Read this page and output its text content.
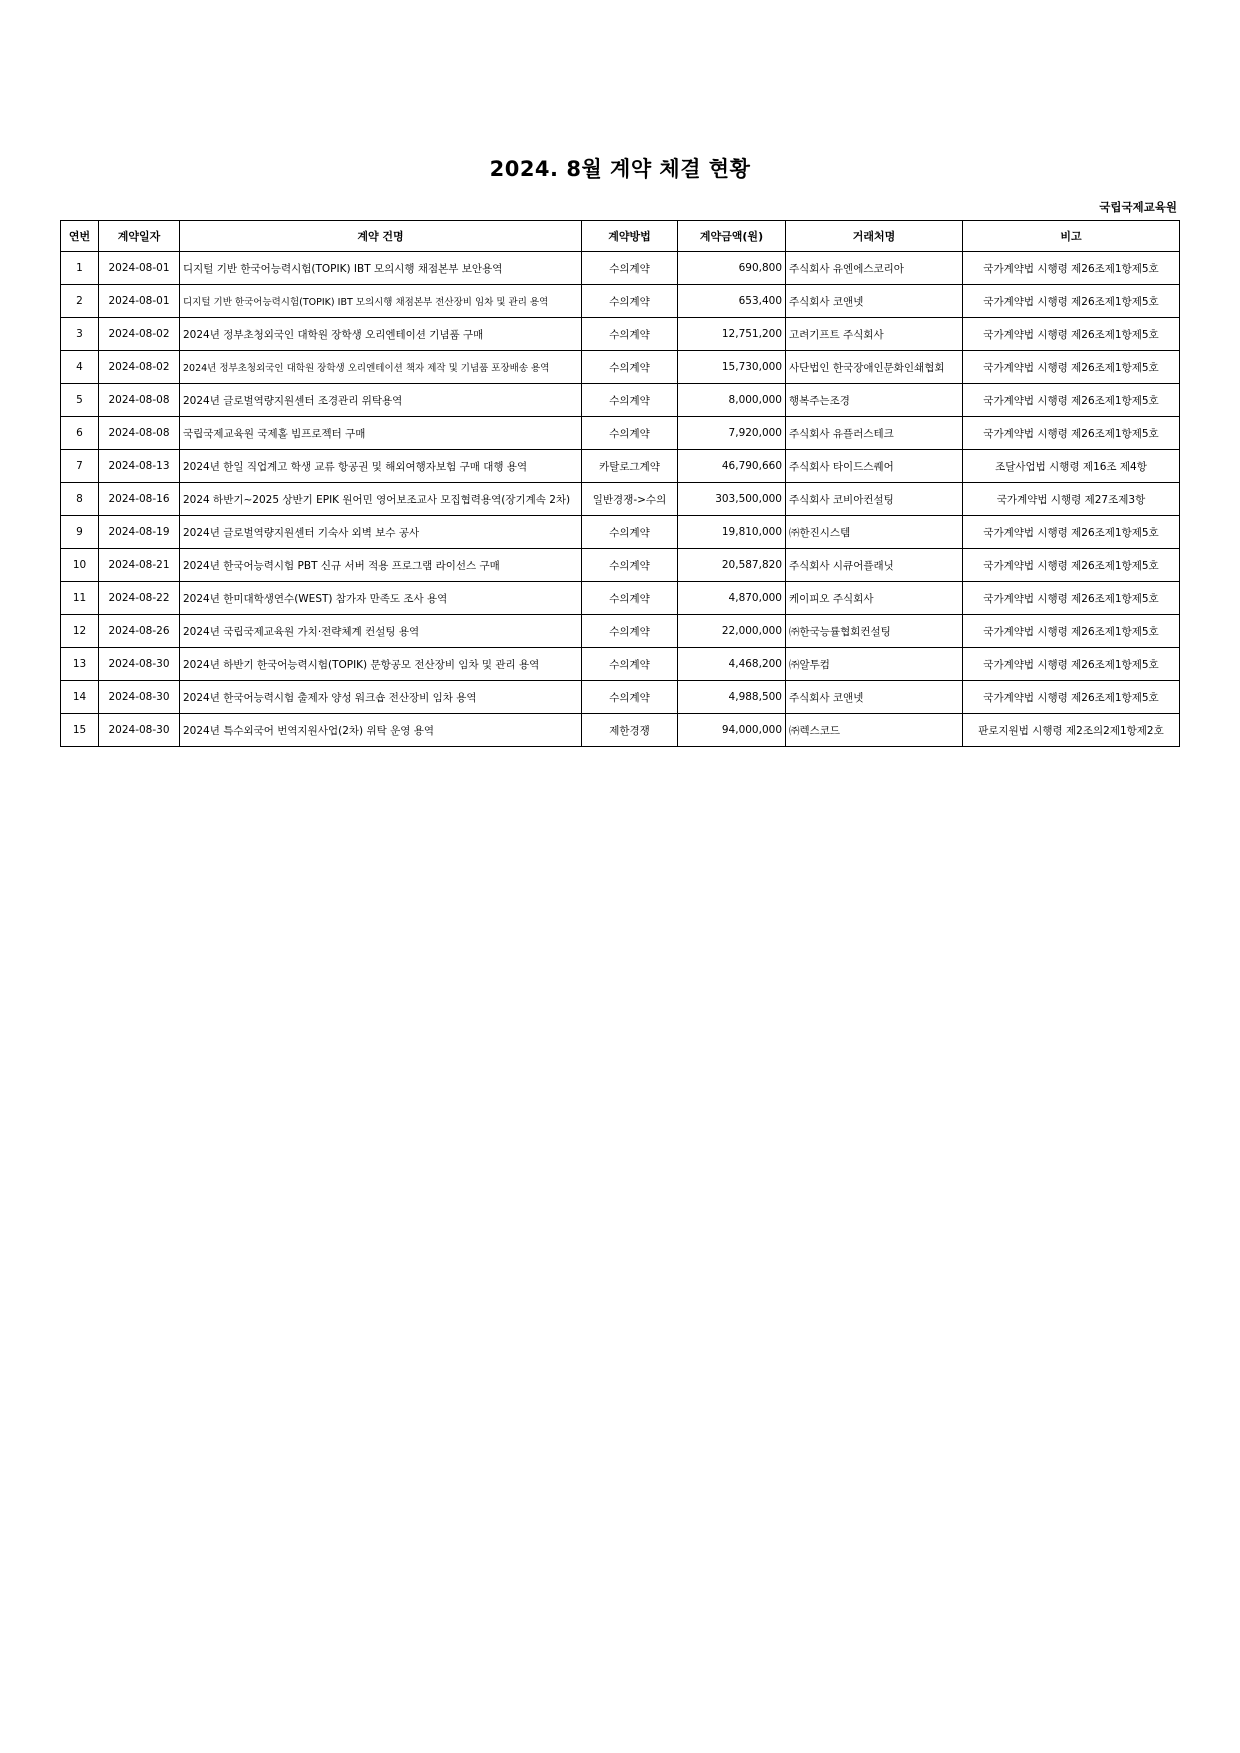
2024. 8월 계약 체결 현황
국립국제교육원
연번	계약일자	계약 건명	계약방법	계약금액(원)	거래처명	비고
1	2024-08-01	디지털 기반 한국어능력시험(TOPIK) IBT 모의시행 채점본부 보안용역	수의계약	690,800	주식회사 유엔에스코리아	국가계약법 시행령 제26조제1항제5호
2	2024-08-01	디지털 기반 한국어능력시험(TOPIK) IBT 모의시행 채점본부 전산장비 임차 및 관리 용역	수의계약	653,400	주식회사 코앤넷	국가계약법 시행령 제26조제1항제5호
3	2024-08-02	2024년 정부초청외국인 대학원 장학생 오리엔테이션 기념품 구매	수의계약	12,751,200	고려기프트 주식회사	국가계약법 시행령 제26조제1항제5호
4	2024-08-02	2024년 정부초청외국인 대학원 장학생 오리엔테이션 책자 제작 및 기념품 포장배송 용역	수의계약	15,730,000	사단법인 한국장애인문화인쇄협회	국가계약법 시행령 제26조제1항제5호
5	2024-08-08	2024년 글로벌역량지원센터 조경관리 위탁용역	수의계약	8,000,000	행복주는조경	국가계약법 시행령 제26조제1항제5호
6	2024-08-08	국립국제교육원 국제홀 빔프로젝터 구매	수의계약	7,920,000	주식회사 유플러스테크	국가계약법 시행령 제26조제1항제5호
7	2024-08-13	2024년 한일 직업계고 학생 교류 항공권 및 해외여행자보험 구매 대행 용역	카탈로그계약	46,790,660	주식회사 타이드스퀘어	조달사업법 시행령 제16조 제4항
8	2024-08-16	2024 하반기~2025 상반기 EPIK 원어민 영어보조교사 모집협력용역(장기계속 2차)	일반경쟁->수의	303,500,000	주식회사 코비아컨설팅	국가계약법 시행령 제27조제3항
9	2024-08-19	2024년 글로벌역량지원센터 기숙사 외벽 보수 공사	수의계약	19,810,000	㈜한진시스템	국가계약법 시행령 제26조제1항제5호
10	2024-08-21	2024년 한국어능력시험 PBT 신규 서버 적용 프로그램 라이선스 구매	수의계약	20,587,820	주식회사 시큐어플래닛	국가계약법 시행령 제26조제1항제5호
11	2024-08-22	2024년 한미대학생연수(WEST) 참가자 만족도 조사 용역	수의계약	4,870,000	케이피오 주식회사	국가계약법 시행령 제26조제1항제5호
12	2024-08-26	2024년 국립국제교육원 가치·전략체계 컨설팅 용역	수의계약	22,000,000	㈜한국능률협회컨설팅	국가계약법 시행령 제26조제1항제5호
13	2024-08-30	2024년 하반기 한국어능력시험(TOPIK) 문항공모 전산장비 임차 및 관리 용역	수의계약	4,468,200	㈜알투컴	국가계약법 시행령 제26조제1항제5호
14	2024-08-30	2024년 한국어능력시험 출제자 양성 워크숍 전산장비 임차 용역	수의계약	4,988,500	주식회사 코앤넷	국가계약법 시행령 제26조제1항제5호
15	2024-08-30	2024년 특수외국어 번역지원사업(2차) 위탁 운영 용역	제한경쟁	94,000,000	㈜렉스코드	판로지원법 시행령 제2조의2제1항제2호
